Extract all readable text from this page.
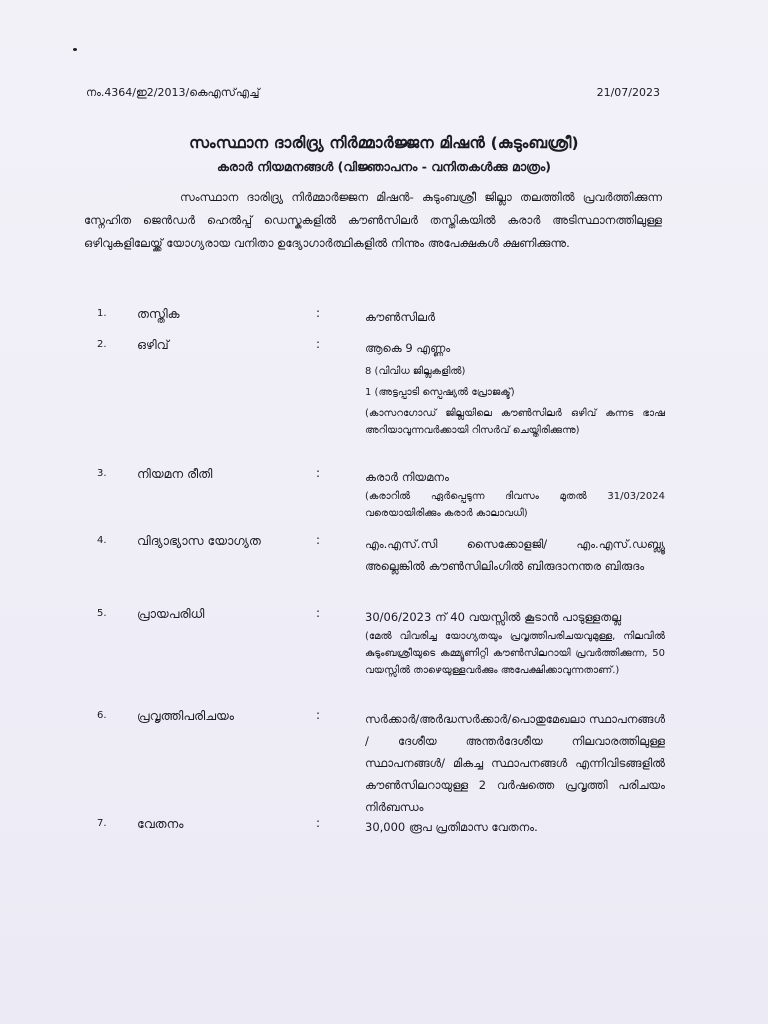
നം.4364/ഇ2/2013/കെഎസ്എച്ച്	21/07/2023
സംസ്ഥാന ദാരിദ്ര്യ നിർമ്മാർജ്ജന മിഷൻ (കുടുംബശ്രീ)
കരാർ നിയമനങ്ങൾ (വിജ്ഞാപനം - വനിതകൾക്കു മാത്രം)
സംസ്ഥാന ദാരിദ്ര്യ നിർമ്മാർജ്ജന മിഷൻ- കുടുംബശ്രീ ജില്ലാ തലത്തിൽ പ്രവർത്തിക്കുന്ന സ്നേഹിത ജെൻഡർ ഹെൽപ്പ് ഡെസ്കുകളിൽ കൗൺസിലർ തസ്തികയിൽ കരാർ അടിസ്ഥാനത്തിലുള്ള ഒഴിവുകളിലേയ്ക്ക് യോഗ്യരായ വനിതാ ഉദ്യോഗാർത്ഥികളിൽ നിന്നും അപേക്ഷകൾ ക്ഷണിക്കുന്നു.
1. തസ്തിക	:	കൗൺസിലർ
2. ഒഴിവ്	:	ആകെ 9 എണ്ണം
8 (വിവിധ ജില്ലകളിൽ)
1 (അട്ടപ്പാടി സ്പെഷ്യൽ പ്രോജക്ട്)
(കാസറഗോഡ് ജില്ലയിലെ കൗൺസിലർ ഒഴിവ് കന്നട ഭാഷ അറിയാവുന്നവർക്കായി റിസർവ് ചെയ്തിരിക്കുന്നു)
3. നിയമന രീതി	:	കരാർ നിയമനം
(കരാറിൽ ഏർപ്പെടുന്ന ദിവസം മുതൽ 31/03/2024 വരെയായിരിക്കും കരാർ കാലാവധി)
4. വിദ്യാഭ്യാസ യോഗ്യത	:	എം.എസ്.സി സൈക്കോളജി/ എം.എസ്.ഡബ്ല്യൂ അല്ലെങ്കിൽ കൗൺസിലിംഗിൽ ബിരുദാനന്തര ബിരുദം
5. പ്രായപരിധി	:	30/06/2023 ന് 40 വയസ്സിൽ കൂടാൻ പാടുള്ളതല്ല
(മേൽ വിവരിച്ച യോഗ്യതയും പ്രവൃത്തിപരിചയവുമുള്ള, നിലവിൽ കുടുംബശ്രീയുടെ കമ്മ്യൂണിറ്റി കൗൺസിലറായി പ്രവർത്തിക്കുന്ന, 50 വയസ്സിൽ താഴെയുള്ളവർക്കും അപേക്ഷിക്കാവുന്നതാണ്.)
6. പ്രവൃത്തിപരിചയം	:	സർക്കാർ/അർദ്ധസർക്കാർ/പൊതുമേഖലാ സ്ഥാപനങ്ങൾ / ദേശീയ അന്തർദേശീയ നിലവാരത്തിലുള്ള സ്ഥാപനങ്ങൾ/ മികച്ച സ്ഥാപനങ്ങൾ എന്നിവിടങ്ങളിൽ കൗൺസിലറായുള്ള 2 വർഷത്തെ പ്രവൃത്തി പരിചയം നിർബന്ധം
7. വേതനം	:	30,000 രൂപ പ്രതിമാസ വേതനം.
